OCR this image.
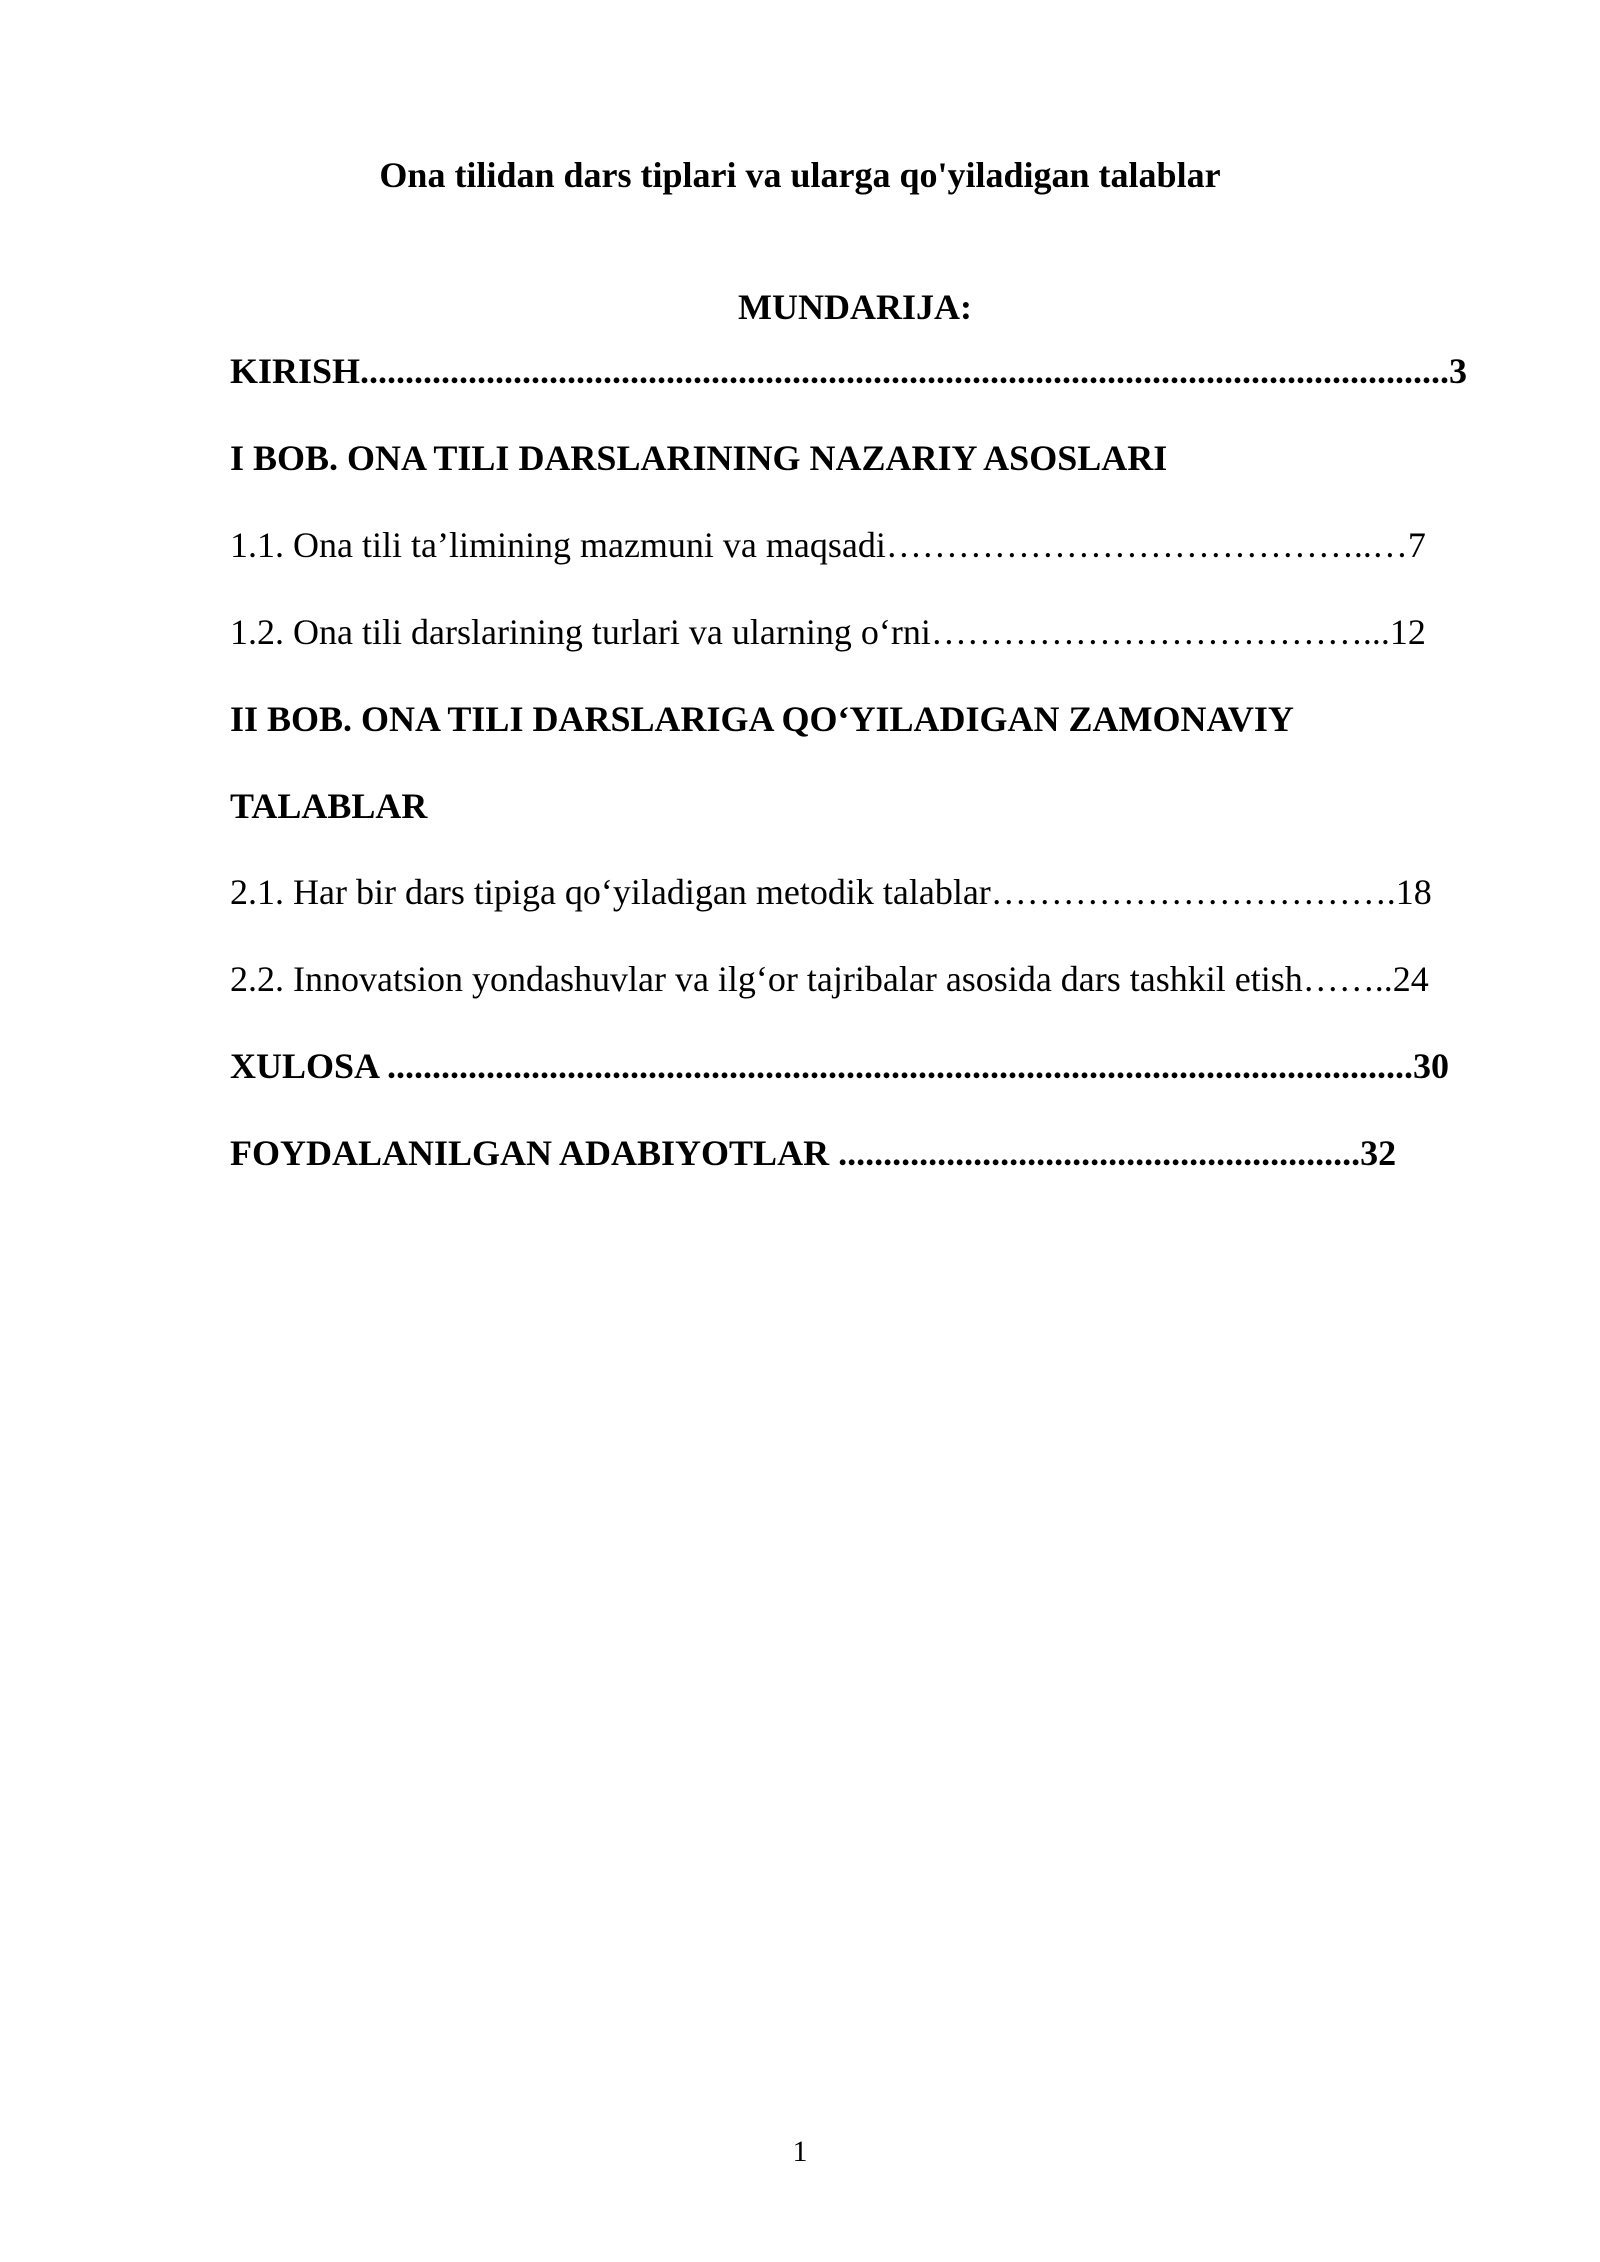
Ona tilidan dars tiplari va ularga qo'yiladigan talablar
MUNDARIJA:

KIRISH.........................................................................................................................3

I BOB. ONA TILI DARSLARINING NAZARIY ASOSLARI

1.1. Ona tili ta’limining mazmuni va maqsadi…………………………………..…7

1.2. Ona tili darslarining turlari va ularning o‘rni………………………………...12

II BOB. ONA TILI DARSLARIGA QO‘YILADIGAN ZAMONAVIY

TALABLAR

2.1. Har bir dars tipiga qo‘yiladigan metodik talablar…………………………….18

2.2. Innovatsion yondashuvlar va ilg‘or tajribalar asosida dars tashkil etish……..24

XULOSA ..................................................................................................................30

FOYDALANILGAN ADABIYOTLAR ..........................................................32

1
